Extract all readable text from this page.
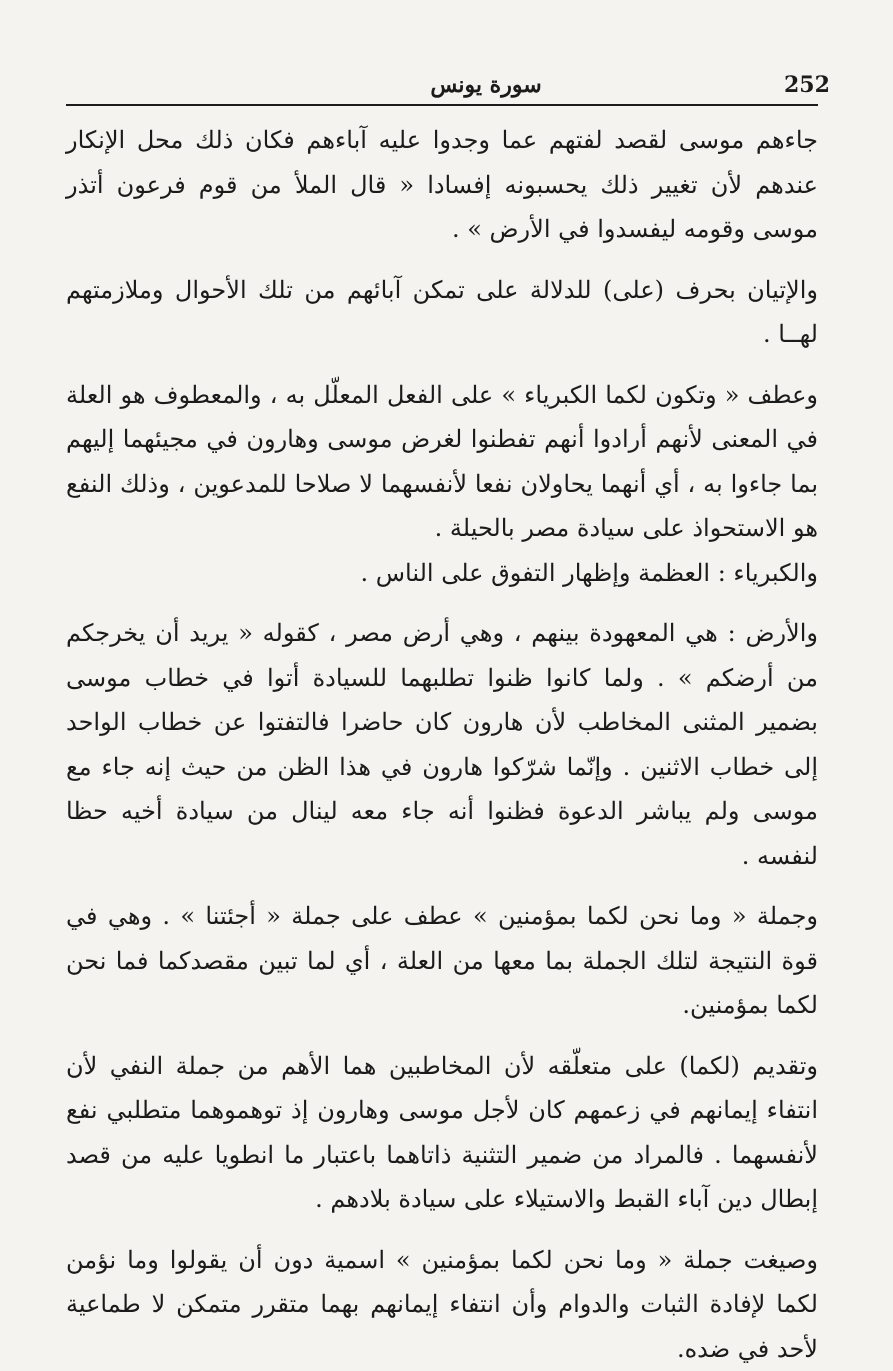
252
سورة يونس

جاءهم موسى لقصد لفتهم عما وجدوا عليه آباءهم فكان ذلك محل الإنكار عندهم لأن تغيير ذلك يحسبونه إفسادا « قال الملأ من قوم فرعون أتذر موسى وقومه ليفسدوا في الأرض » .

والإتيان بحرف (على) للدلالة على تمكن آبائهم من تلك الأحوال وملازمتهم لهــا .

وعطف « وتكون لكما الكبرياء » على الفعل المعلّل به ، والمعطوف هو العلة في المعنى لأنهم أرادوا أنهم تفطنوا لغرض موسى وهارون في مجيئهما إليهم بما جاءوا به ، أي أنهما يحاولان نفعا لأنفسهما لا صلاحا للمدعوين ، وذلك النفع هو الاستحواذ على سيادة مصر بالحيلة .

والكبرياء : العظمة وإظهار التفوق على الناس .

والأرض : هي المعهودة بينهم ، وهي أرض مصر ، كقوله « يريد أن يخرجكم من أرضكم » . ولما كانوا ظنوا تطلبهما للسيادة أتوا في خطاب موسى بضمير المثنى المخاطب لأن هارون كان حاضرا فالتفتوا عن خطاب الواحد إلى خطاب الاثنين . وإنّما شرّكوا هارون في هذا الظن من حيث إنه جاء مع موسى ولم يباشر الدعوة فظنوا أنه جاء معه لينال من سيادة أخيه حظا لنفسه .

وجملة « وما نحن لكما بمؤمنين » عطف على جملة « أجئتنا » . وهي في قوة النتيجة لتلك الجملة بما معها من العلة ، أي لما تبين مقصدكما فما نحن لكما بمؤمنين.

وتقديم (لكما) على متعلّقه لأن المخاطبين هما الأهم من جملة النفي لأن انتفاء إيمانهم في زعمهم كان لأجل موسى وهارون إذ توهموهما متطلبي نفع لأنفسهما . فالمراد من ضمير التثنية ذاتاهما باعتبار ما انطويا عليه من قصد إبطال دين آباء القبط والاستيلاء على سيادة بلادهم .

وصيغت جملة « وما نحن لكما بمؤمنين » اسمية دون أن يقولوا وما نؤمن لكما لإفادة الثبات والدوام وأن انتفاء إيمانهم بهما متقرر متمكن لا طماعية لأحد في ضده.
